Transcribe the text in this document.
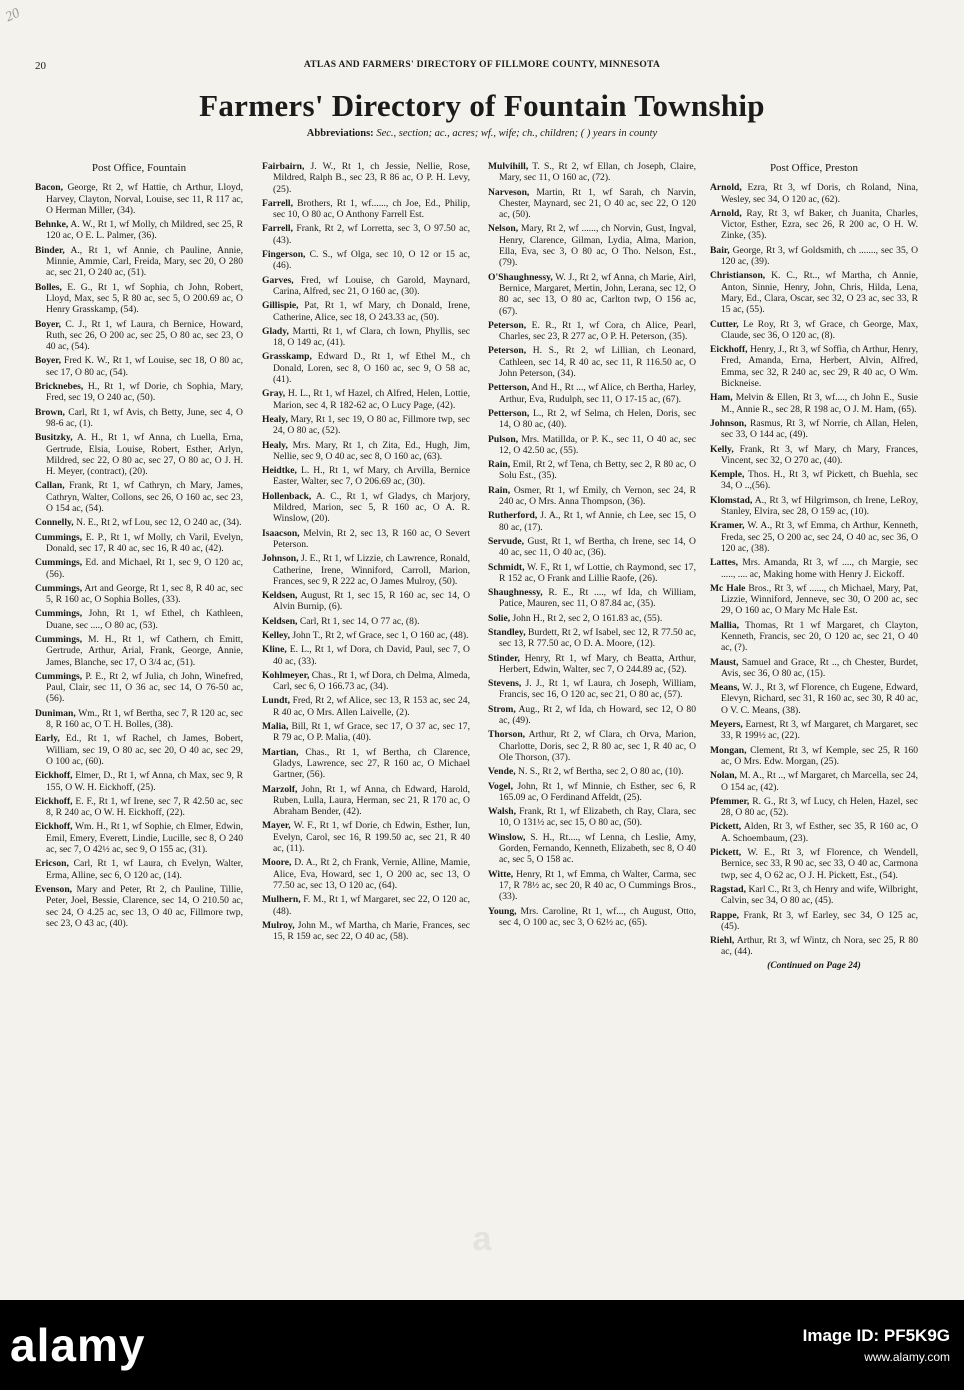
20
20	ATLAS AND FARMERS' DIRECTORY OF FILLMORE COUNTY, MINNESOTA
Farmers' Directory of Fountain Township
Abbreviations: Sec., section; ac., acres; wf., wife; ch., children; ( ) years in county
Post Office, Fountain
Bacon, George, Rt 2, wf Hattie, ch Arthur, Lloyd, Harvey, Clayton, Norval, Louise, sec 11, R 117 ac, O Herman Miller, (34).
Behnke, A. W., Rt 1, wf Molly, ch Mildred, sec 25, R 120 ac, O E. L. Palmer, (36).
Binder, A., Rt 1, wf Annie, ch Pauline, Annie, Minnie, Ammie, Carl, Freida, Mary, sec 20, O 280 ac, sec 21, O 240 ac, (51).
Bolles, E. G., Rt 1, wf Sophia, ch John, Robert, Lloyd, Max, sec 5, R 80 ac, sec 5, O 200.69 ac, O Henry Grasskamp, (54).
Boyer, C. J., Rt 1, wf Laura, ch Bernice, Howard, Ruth, sec 26, O 200 ac, sec 25, O 80 ac, sec 23, O 40 ac, (54).
Boyer, Fred K. W., Rt 1, wf Louise, sec 18, O 80 ac, sec 17, O 80 ac, (54).
Bricknebes, H., Rt 1, wf Dorie, ch Sophia, Mary, Fred, sec 19, O 240 ac, (50).
Brown, Carl, Rt 1, wf Avis, ch Betty, June, sec 4, O 98-6 ac, (1).
Busitzky, A. H., Rt 1, wf Anna, ch Luella, Erna, Gertrude, Elsia, Louise, Robert, Esther, Arlyn, Mildred, sec 22, O 80 ac, sec 27, O 80 ac, O J. H. H. Meyer, (contract), (20).
Callan, Frank, Rt 1, wf Cathryn, ch Mary, James, Cathryn, Walter, Collons, sec 26, O 160 ac, sec 23, O 154 ac, (54).
Connelly, N. E., Rt 2, wf Lou, sec 12, O 240 ac, (34).
Cummings, E. P., Rt 1, wf Molly, ch Varil, Evelyn, Donald, sec 17, R 40 ac, sec 16, R 40 ac, (42).
Cummings, Ed. and Michael, Rt 1, sec 9, O 120 ac, (56).
Cummings, Art and George, Rt 1, sec 8, R 40 ac, sec 5, R 160 ac, O Sophia Bolles, (33).
Cummings, John, Rt 1, wf Ethel, ch Kathleen, Duane, sec ...., O 80 ac, (53).
Cummings, M. H., Rt 1, wf Cathern, ch Emitt, Gertrude, Arthur, Arial, Frank, George, Annie, James, Blanche, sec 17, O 3/4 ac, (51).
Cummings, P. E., Rt 2, wf Julia, ch John, Winefred, Paul, Clair, sec 11, O 36 ac, sec 14, O 76-50 ac, (56).
Duniman, Wm., Rt 1, wf Bertha, sec 7, R 120 ac, sec 8, R 160 ac, O T. H. Bolles, (38).
Early, Ed., Rt 1, wf Rachel, ch James, Bobert, William, sec 19, O 80 ac, sec 20, O 40 ac, sec 29, O 100 ac, (60).
Eickhoff, Elmer, D., Rt 1, wf Anna, ch Max, sec 9, R 155, O W. H. Eickhoff, (25).
Eickhoff, E. F., Rt 1, wf Irene, sec 7, R 42.50 ac, sec 8, R 240 ac, O W. H. Eickhoff, (22).
Eickhoff, Wm. H., Rt 1, wf Sophie, ch Elmer, Edwin, Emil, Emery, Everett, Lindie, Lucille, sec 8, O 240 ac, sec 7, O 42½ ac, sec 9, O 155 ac, (31).
Ericson, Carl, Rt 1, wf Laura, ch Evelyn, Walter, Erma, Alline, sec 6, O 120 ac, (14).
Evenson, Mary and Peter, Rt 2, ch Pauline, Tillie, Peter, Joel, Bessie, Clarence, sec 14, O 210.50 ac, sec 24, O 4.25 ac, sec 13, O 40 ac, Fillmore twp, sec 23, O 43 ac, (40).
Fairbairn, J. W., Rt 1, ch Jessie, Nellie, Rose, Mildred, Ralph B., sec 23, R 86 ac, O P. H. Levy, (25).
Farrell, Brothers, Rt 1, wf......, ch Joe, Ed., Philip, sec 10, O 80 ac, O Anthony Farrell Est.
Farrell, Frank, Rt 2, wf Lorretta, sec 3, O 97.50 ac, (43).
Fingerson, C. S., wf Olga, sec 10, O 12 or 15 ac, (46).
Garves, Fred, wf Louise, ch Garold, Maynard, Carina, Alfred, sec 21, O 160 ac, (30).
Gillispie, Pat, Rt 1, wf Mary, ch Donald, Irene, Catherine, Alice, sec 18, O 243.33 ac, (50).
Glady, Martti, Rt 1, wf Clara, ch Iown, Phyllis, sec 18, O 149 ac, (41).
Grasskamp, Edward D., Rt 1, wf Ethel M., ch Donald, Loren, sec 8, O 160 ac, sec 9, O 58 ac, (41).
Gray, H. L., Rt 1, wf Hazel, ch Alfred, Helen, Lottie, Marion, sec 4, R 182-62 ac, O Lucy Page, (42).
Healy, Mary, Rt 1, sec 19, O 80 ac, Fillmore twp, sec 24, O 80 ac, (52).
Healy, Mrs. Mary, Rt 1, ch Zita, Ed., Hugh, Jim, Nellie, sec 9, O 40 ac, sec 8, O 160 ac, (63).
Heidtke, L. H., Rt 1, wf Mary, ch Arvilla, Bernice Easter, Walter, sec 7, O 206.69 ac, (30).
Hollenback, A. C., Rt 1, wf Gladys, ch Marjory, Mildred, Marion, sec 5, R 160 ac, O A. R. Winslow, (20).
Isaacson, Melvin, Rt 2, sec 13, R 160 ac, O Severt Peterson.
Johnson, J. E., Rt 1, wf Lizzie, ch Lawrence, Ronald, Catherine, Irene, Winniford, Carroll, Marion, Frances, sec 9, R 222 ac, O James Mulroy, (50).
Keldsen, August, Rt 1, sec 15, R 160 ac, sec 14, O Alvin Burnip, (6).
Keldsen, Carl, Rt 1, sec 14, O 77 ac, (8).
Kelley, John T., Rt 2, wf Grace, sec 1, O 160 ac, (48).
Kline, E. L., Rt 1, wf Dora, ch David, Paul, sec 7, O 40 ac, (33).
Kohlmeyer, Chas., Rt 1, wf Dora, ch Delma, Almeda, Carl, sec 6, O 166.73 ac, (34).
Lundt, Fred, Rt 2, wf Alice, sec 13, R 153 ac, sec 24, R 40 ac, O Mrs. Allen Laivelle, (2).
Malia, Bill, Rt 1, wf Grace, sec 17, O 37 ac, sec 17, R 79 ac, O P. Malia, (40).
Martian, Chas., Rt 1, wf Bertha, ch Clarence, Gladys, Lawrence, sec 27, R 160 ac, O Michael Gartner, (56).
Marzolf, John, Rt 1, wf Anna, ch Edward, Harold, Ruben, Lulla, Laura, Herman, sec 21, R 170 ac, O Abraham Bender, (42).
Mayer, W. F., Rt 1, wf Dorie, ch Edwin, Esther, Iun, Evelyn, Carol, sec 16, R 199.50 ac, sec 21, R 40 ac, (11).
Moore, D. A., Rt 2, ch Frank, Vernie, Alline, Mamie, Alice, Eva, Howard, sec 1, O 200 ac, sec 13, O 77.50 ac, sec 13, O 120 ac, (64).
Mulhern, F. M., Rt 1, wf Margaret, sec 22, O 120 ac, (48).
Mulroy, John M., wf Martha, ch Marie, Frances, sec 15, R 159 ac, sec 22, O 40 ac, (58).
Mulvihill, T. S., Rt 2, wf Ellan, ch Joseph, Claire, Mary, sec 11, O 160 ac, (72).
Narveson, Martin, Rt 1, wf Sarah, ch Narvin, Chester, Maynard, sec 21, O 40 ac, sec 22, O 120 ac, (50).
Nelson, Mary, Rt 2, wf ......, ch Norvin, Gust, Ingval, Henry, Clarence, Gilman, Lydia, Alma, Marion, Ella, Eva, sec 3, O 80 ac, O Tho. Nelson, Est., (79).
O'Shaughnessy, W. J., Rt 2, wf Anna, ch Marie, Airl, Bernice, Margaret, Mertin, John, Lerana, sec 12, O 80 ac, sec 13, O 80 ac, Carlton twp, O 156 ac, (67).
Peterson, E. R., Rt 1, wf Cora, ch Alice, Pearl, Charles, sec 23, R 277 ac, O P. H. Peterson, (35).
Peterson, H. S., Rt 2, wf Lillian, ch Leonard, Cathleen, sec 14, R 40 ac, sec 11, R 116.50 ac, O John Peterson, (34).
Petterson, And H., Rt ..., wf Alice, ch Bertha, Harley, Arthur, Eva, Rudulph, sec 11, O 17-15 ac, (67).
Petterson, L., Rt 2, wf Selma, ch Helen, Doris, sec 14, O 80 ac, (40).
Pulson, Mrs. Matillda, or P. K., sec 11, O 40 ac, sec 12, O 42.50 ac, (55).
Rain, Emil, Rt 2, wf Tena, ch Betty, sec 2, R 80 ac, O Solu Est., (35).
Rain, Osmer, Rt 1, wf Emily, ch Vernon, sec 24, R 240 ac, O Mrs. Anna Thompson, (36).
Rutherford, J. A., Rt 1, wf Annie, ch Lee, sec 15, O 80 ac, (17).
Servude, Gust, Rt 1, wf Bertha, ch Irene, sec 14, O 40 ac, sec 11, O 40 ac, (36).
Schmidt, W. F., Rt 1, wf Lottie, ch Raymond, sec 17, R 152 ac, O Frank and Lillie Raofe, (26).
Shaughnessy, R. E., Rt ...., wf Ida, ch William, Patice, Mauren, sec 11, O 87.84 ac, (35).
Solie, John H., Rt 2, sec 2, O 161.83 ac, (55).
Standley, Burdett, Rt 2, wf Isabel, sec 12, R 77.50 ac, sec 13, R 77.50 ac, O D. A. Moore, (12).
Stinder, Henry, Rt 1, wf Mary, ch Beatta, Arthur, Herbert, Edwin, Walter, sec 7, O 244.89 ac, (52).
Stevens, J. J., Rt 1, wf Laura, ch Joseph, William, Francis, sec 16, O 120 ac, sec 21, O 80 ac, (57).
Strom, Aug., Rt 2, wf Ida, ch Howard, sec 12, O 80 ac, (49).
Thorson, Arthur, Rt 2, wf Clara, ch Orva, Marion, Charlotte, Doris, sec 2, R 80 ac, sec 1, R 40 ac, O Ole Thorson, (37).
Vende, N. S., Rt 2, wf Bertha, sec 2, O 80 ac, (10).
Vogel, John, Rt 1, wf Minnie, ch Esther, sec 6, R 165.09 ac, O Ferdinand Affeldt, (25).
Walsh, Frank, Rt 1, wf Elizabeth, ch Ray, Clara, sec 10, O 131½ ac, sec 15, O 80 ac, (50).
Winslow, S. H., Rt...., wf Lenna, ch Leslie, Amy, Gorden, Fernando, Kenneth, Elizabeth, sec 8, O 40 ac, sec 5, O 158 ac.
Witte, Henry, Rt 1, wf Emma, ch Walter, Carma, sec 17, R 78½ ac, sec 20, R 40 ac, O Cummings Bros., (33).
Young, Mrs. Caroline, Rt 1, wf..., ch August, Otto, sec 4, O 100 ac, sec 3, O 62½ ac, (65).
Post Office, Preston
Arnold, Ezra, Rt 3, wf Doris, ch Roland, Nina, Wesley, sec 34, O 120 ac, (62).
Arnold, Ray, Rt 3, wf Baker, ch Juanita, Charles, Victor, Esther, Ezra, sec 26, R 200 ac, O H. W. Zinke, (35).
Bair, George, Rt 3, wf Goldsmith, ch ......., sec 35, O 120 ac, (39).
Christianson, K. C., Rt.., wf Martha, ch Annie, Anton, Sinnie, Henry, John, Chris, Hilda, Lena, Mary, Ed., Clara, Oscar, sec 32, O 23 ac, sec 33, R 15 ac, (55).
Cutter, Le Roy, Rt 3, wf Grace, ch George, Max, Claude, sec 36, O 120 ac, (8).
Eickhoff, Henry, J., Rt 3, wf Soffia, ch Arthur, Henry, Fred, Amanda, Erna, Herbert, Alvin, Alfred, Emma, sec 32, R 240 ac, sec 29, R 40 ac, O Wm. Bickneise.
Ham, Melvin & Ellen, Rt 3, wf...., ch John E., Susie M., Annie R., sec 28, R 198 ac, O J. M. Ham, (65).
Johnson, Rasmus, Rt 3, wf Norrie, ch Allan, Helen, sec 33, O 144 ac, (49).
Kelly, Frank, Rt 3, wf Mary, ch Mary, Frances, Vincent, sec 32, O 270 ac, (40).
Kemple, Thos. H., Rt 3, wf Pickett, ch Buehla, sec 34, O ..,(56).
Klomstad, A., Rt 3, wf Hilgrimson, ch Irene, LeRoy, Stanley, Elvira, sec 28, O 159 ac, (10).
Kramer, W. A., Rt 3, wf Emma, ch Arthur, Kenneth, Freda, sec 25, O 200 ac, sec 24, O 40 ac, sec 36, O 120 ac, (38).
Lattes, Mrs. Amanda, Rt 3, wf ...., ch Margie, sec ....., .... ac, Making home with Henry J. Eickoff.
Mc Hale Bros., Rt 3, wf ......, ch Michael, Mary, Pat, Lizzie, Winniford, Jenneve, sec 30, O 200 ac, sec 29, O 160 ac, O Mary Mc Hale Est.
Mallia, Thomas, Rt 1 wf Margaret, ch Clayton, Kenneth, Francis, sec 20, O 120 ac, sec 21, O 40 ac, (?).
Maust, Samuel and Grace, Rt .., ch Chester, Burdet, Avis, sec 36, O 80 ac, (15).
Means, W. J., Rt 3, wf Florence, ch Eugene, Edward, Elevyn, Richard, sec 31, R 160 ac, sec 30, R 40 ac, O V. C. Means, (38).
Meyers, Earnest, Rt 3, wf Margaret, ch Margaret, sec 33, R 199½ ac, (22).
Mongan, Clement, Rt 3, wf Kemple, sec 25, R 160 ac, O Mrs. Edw. Morgan, (25).
Nolan, M. A., Rt .., wf Margaret, ch Marcella, sec 24, O 154 ac, (42).
Pfemmer, R. G., Rt 3, wf Lucy, ch Helen, Hazel, sec 28, O 80 ac, (52).
Pickett, Alden, Rt 3, wf Esther, sec 35, R 160 ac, O A. Schoembaum, (23).
Pickett, W. E., Rt 3, wf Florence, ch Wendell, Bernice, sec 33, R 90 ac, sec 33, O 40 ac, Carmona twp, sec 4, O 62 ac, O J. H. Pickett, Est., (54).
Ragstad, Karl C., Rt 3, ch Henry and wife, Wilbright, Calvin, sec 34, O 80 ac, (45).
Rappe, Frank, Rt 3, wf Earley, sec 34, O 125 ac, (45).
Riehl, Arthur, Rt 3, wf Wintz, ch Nora, sec 25, R 80 ac, (44).
(Continued on Page 24)
a
alamy	Image ID: PF5K9G
www.alamy.com
